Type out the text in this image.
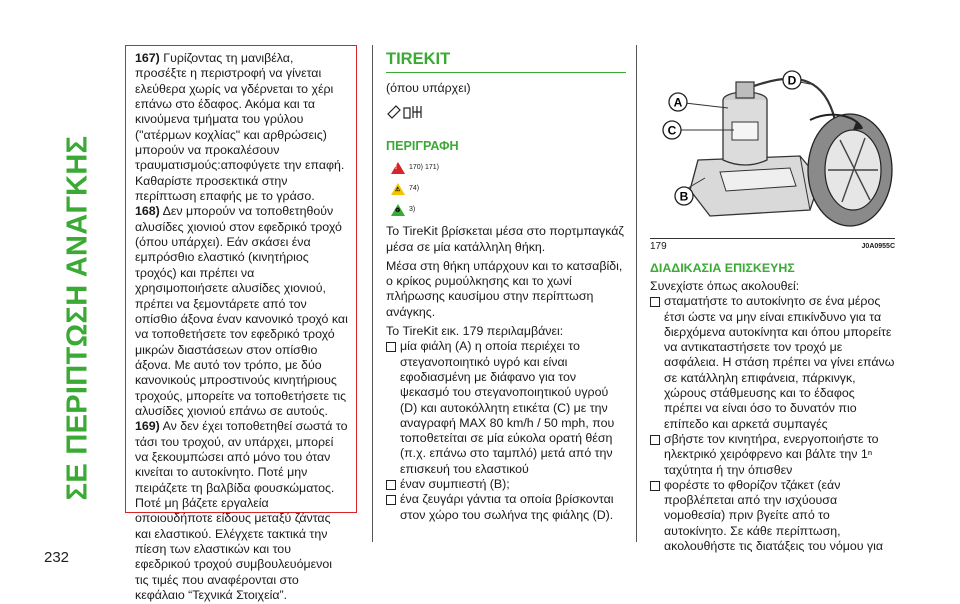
ΣΕ ΠΕΡΙΠΤΩΣΗ ΑΝΑΓΚΗΣ
232

167) Γυρίζοντας τη μανιβέλα, προσέξτε η περιστροφή να γίνεται ελεύθερα χωρίς να γδέρνεται το χέρι επάνω στο έδαφος. Ακόμα και τα κινούμενα τμήματα του γρύλου ("ατέρμων κοχλίας" και αρθρώσεις) μπορούν να προκαλέσουν τραυματισμούς:αποφύγετε την επαφή. Καθαρίστε προσεκτικά στην περίπτωση επαφής με το γράσο.

168) Δεν μπορούν να τοποθετηθούν αλυσίδες χιονιού στον εφεδρικό τροχό (όπου υπάρχει). Εάν σκάσει ένα εμπρόσθιο ελαστικό (κινητήριος τροχός) και πρέπει να χρησιμοποιήσετε αλυσίδες χιονιού, πρέπει να ξεμοντάρετε από τον οπίσθιο άξονα έναν κανονικό τροχό και να τοποθετήσετε τον εφεδρικό τροχό μικρών διαστάσεων στον οπίσθιο άξονα. Με αυτό τον τρόπο, με δύο κανονικούς μπροστινούς κινητήριους τροχούς, μπορείτε να τοποθετήσετε τις αλυσίδες χιονιού επάνω σε αυτούς.

169) Αν δεν έχει τοποθετηθεί σωστά το τάσι του τροχού, αν υπάρχει, μπορεί να ξεκουμπώσει από μόνο του όταν κινείται το αυτοκίνητο. Ποτέ μην πειράζετε τη βαλβίδα φουσκώματος. Ποτέ μη βάζετε εργαλεία οποιουδήποτε είδους μεταξύ ζάντας και ελαστικού. Ελέγχετε τακτικά την πίεση των ελαστικών και του εφεδρικού τροχού συμβουλευόμενοι τις τιμές που αναφέρονται στο κεφάλαιο “Τεχνικά Στοιχεία”.

TIREKIT

(όπου υπάρχει)

ΠΕΡΙΓΡΑΦΗ
! 170) 171)
⚠ 74)
♻ 3)

Το TireKit βρίσκεται μέσα στο πορτμπαγκάζ μέσα σε μία κατάλληλη θήκη.

Μέσα στη θήκη υπάρχουν και το κατσαβίδι, ο κρίκος ρυμούλκησης και το χωνί πλήρωσης καυσίμου στην περίπτωση ανάγκης.

Το TireKit εικ. 179 περιλαμβάνει:

μία φιάλη (A) η οποία περιέχει το στεγανοποιητικό υγρό και είναι εφοδιασμένη με διάφανο για τον ψεκασμό του στεγανοποιητικού υγρού (D) και αυτοκόλλητη ετικέτα (C) με την αναγραφή MAX 80 km/h / 50 mph, που τοποθετείται σε μία εύκολα ορατή θέση (π.χ. επάνω στο ταμπλό) μετά από την επισκευή του ελαστικού
έναν συμπιεστή (B);
ένα ζευγάρι γάντια τα οποία βρίσκονται στον χώρο του σωλήνα της φιάλης (D).
A
B
C
D
179	J0A0955C
ΔΙΑΔΙΚΑΣΙΑ ΕΠΙΣΚΕΥΗΣ

Συνεχίστε όπως ακολουθεί:

σταματήστε το αυτοκίνητο σε ένα μέρος έτσι ώστε να μην είναι επικίνδυνο για τα διερχόμενα αυτοκίνητα και όπου μπορείτε να αντικαταστήσετε τον τροχό με ασφάλεια. Η στάση πρέπει να γίνει επάνω σε κατάλληλη επιφάνεια, πάρκινγκ, χώρους στάθμευσης και το έδαφος πρέπει να είναι όσο το δυνατόν πιο επίπεδο και αρκετά συμπαγές
σβήστε τον κινητήρα, ενεργοποιήστε το ηλεκτρικό χειρόφρενο και βάλτε την 1ⁿ ταχύτητα ή την όπισθεν
φορέστε το φθορίζον τζάκετ (εάν προβλέπεται από την ισχύουσα νομοθεσία) πριν βγείτε από το αυτοκίνητο. Σε κάθε περίπτωση, ακολουθήστε τις διατάξεις του νόμου για
